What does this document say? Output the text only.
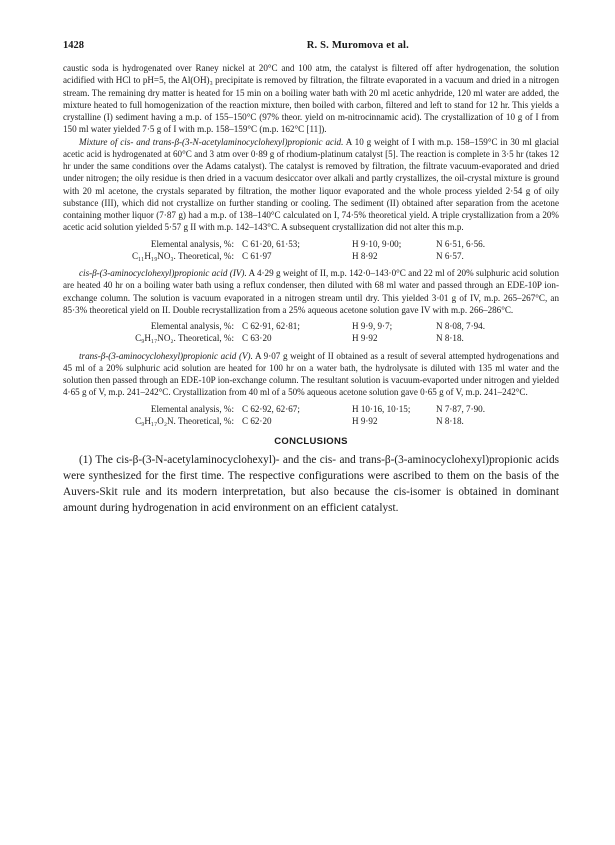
1428	R. S. Muromova et al.

caustic soda is hydrogenated over Raney nickel at 20°C and 100 atm, the catalyst is filtered off after hydrogenation, the solution acidified with HCl to pH=5, the Al(OH)₃ precipitate is removed by filtration, the filtrate evaporated in a vacuum and dried in a nitrogen stream. The remaining dry matter is heated for 15 min on a boiling water bath with 20 ml acetic anhydride, 120 ml water are added, the mixture heated to full homogenization of the reaction mixture, then boiled with carbon, filtered and left to stand for 12 hr. This yields a crystalline (I) sediment having a m.p. of 155–150°C (97% theor. yield on m-nitrocinnamic acid). The crystallization of 10 g of I from 150 ml water yielded 7·5 g of I with m.p. 158–159°C (m.p. 162°C [11]).

Mixture of cis- and trans-β-(3-N-acetylaminocyclohexyl)propionic acid. A 10 g weight of I with m.p. 158–159°C in 30 ml glacial acetic acid is hydrogenated at 60°C and 3 atm over 0·89 g of rhodium-platinum catalyst [5]. The reaction is complete in 3·5 hr (takes 12 hr under the same conditions over the Adams catalyst). The catalyst is removed by filtration, the filtrate vacuum-evaporated and dried under nitrogen; the oily residue is then dried in a vacuum desiccator over alkali and partly crystallizes, the oil-crystal mixture is ground with 20 ml acetone, the crystals separated by filtration, the mother liquor evaporated and the whole process yielded 2·54 g of oily substance (III), which did not crystallize on further standing or cooling. The sediment (II) obtained after separation from the acetone containing mother liquor (7·87 g) had a m.p. of 138–140°C calculated on I, 74·5% theoretical yield. A triple crystallization from a 20% acetic acid solution yielded 5·57 g II with m.p. 142–143°C. A subsequent crystallization did not alter this m.p.

Elemental analysis, %: C 61·20, 61·53;	H 9·10, 9·00;	N 6·51, 6·56.
C₁₁H₁₉NO₃. Theoretical, %: C 61·97	H 8·92	N 6·57.

cis-β-(3-aminocyclohexyl)propionic acid (IV). A 4·29 g weight of II, m.p. 142·0–143·0°C and 22 ml of 20% sulphuric acid solution are heated 40 hr on a boiling water bath using a reflux condenser, then diluted with 68 ml water and passed through an EDE-10P ion-exchange column. The solution is vacuum evaporated in a nitrogen stream until dry. This yielded 3·01 g of IV, m.p. 265–267°C, an 85·3% theoretical yield on II. Double recrystallization from a 25% aqueous acetone solution gave IV with m.p. 266–286°C.

Elemental analysis, %: C 62·91, 62·81;	H 9·9, 9·7;	N 8·08, 7·94.
C₉H₁₇NO₂. Theoretical, %: C 63·20	H 9·92	N 8·18.

trans-β-(3-aminocyclohexyl)propionic acid (V). A 9·07 g weight of II obtained as a result of several attempted hydrogenations and 45 ml of a 20% sulphuric acid solution are heated for 100 hr on a water bath, the hydrolysate is diluted with 135 ml water and the solution then passed through an EDE-10P ion-exchange column. The resultant solution is vacuum-evaported under nitrogen and yielded 4·65 g of V, m.p. 241–242°C. Crystallization from 40 ml of a 50% aqueous acetone solution gave 0·65 g of V, m.p. 241–242°C.

Elemental analysis, %: C 62·92, 62·67;	H 10·16, 10·15;	N 7·87, 7·90.
C₉H₁₇O₂N. Theoretical, %: C 62·20	H 9·92	N 8·18.
CONCLUSIONS

(1) The cis-β-(3-N-acetylaminocyclohexyl)- and the cis- and trans-β-(3-aminocyclohexyl)propionic acids were synthesized for the first time. The respective configurations were ascribed to them on the basis of the Auvers-Skit rule and its modern interpretation, but also because the cis-isomer is obtained in dominant amount during hydrogenation in acid environment on an efficient catalyst.
